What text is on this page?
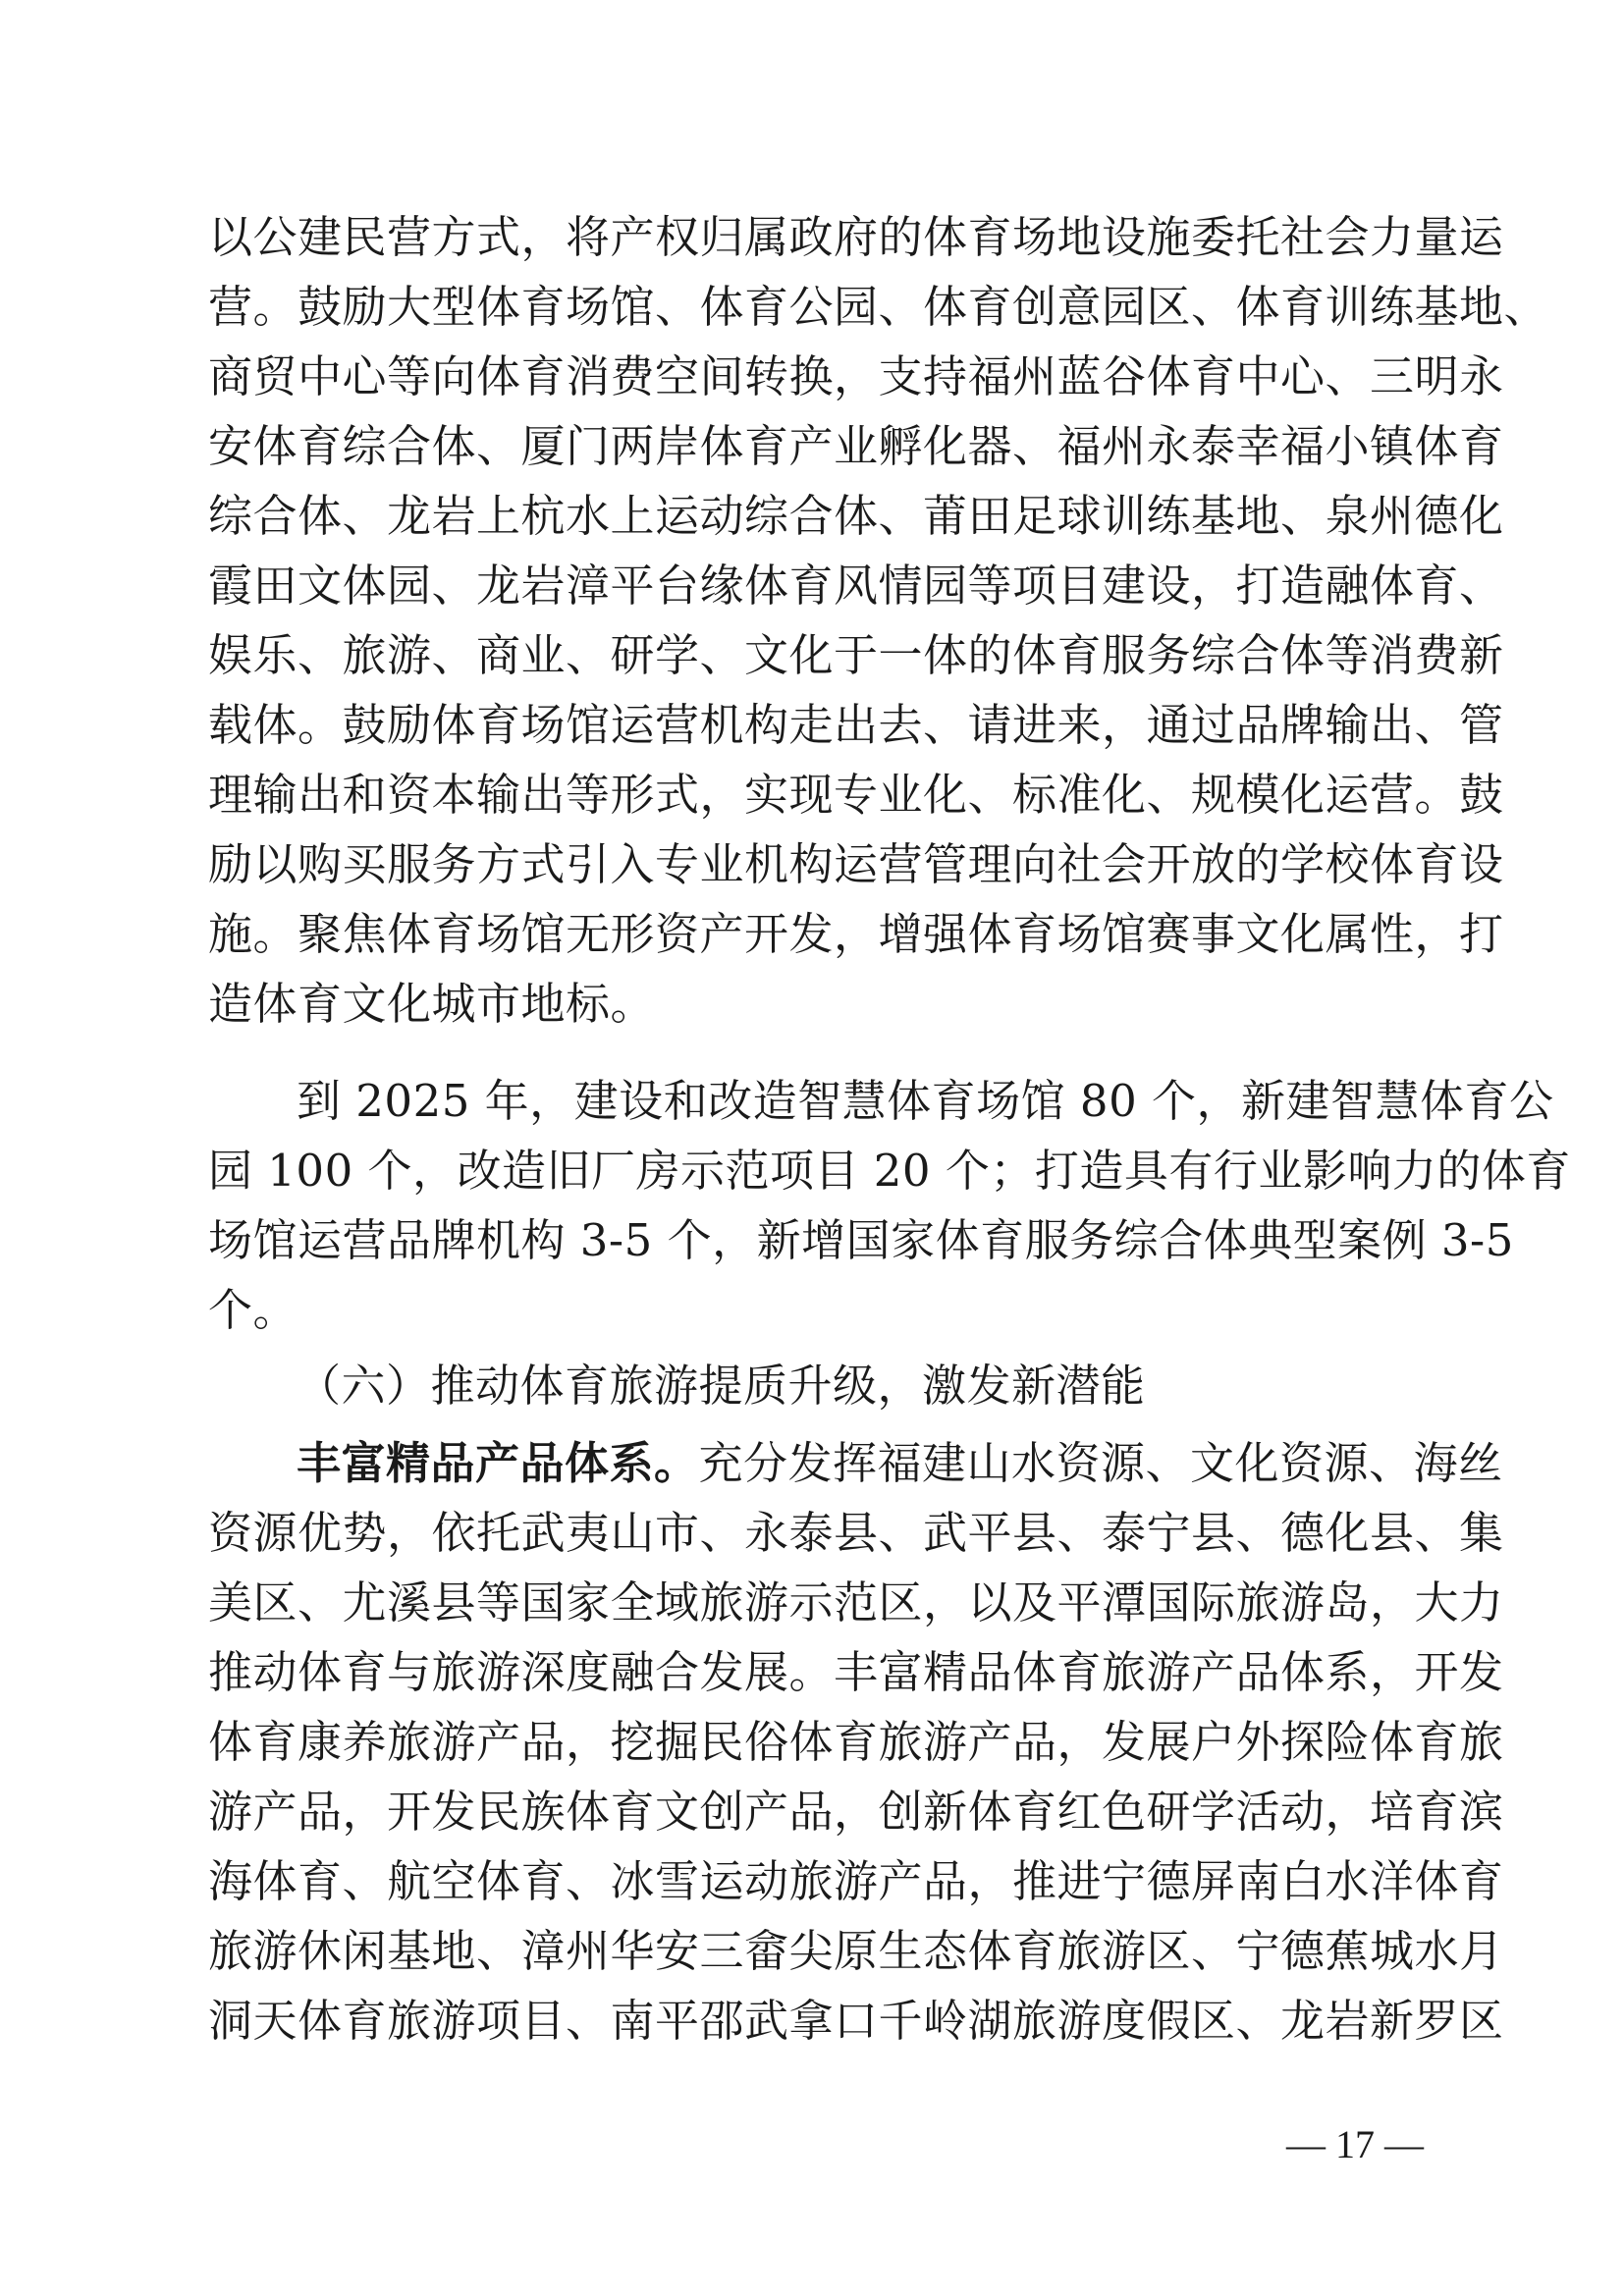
以公建民营方式，将产权归属政府的体育场地设施委托社会力量运
营。鼓励大型体育场馆、体育公园、体育创意园区、体育训练基地、
商贸中心等向体育消费空间转换，支持福州蓝谷体育中心、三明永
安体育综合体、厦门两岸体育产业孵化器、福州永泰幸福小镇体育
综合体、龙岩上杭水上运动综合体、莆田足球训练基地、泉州德化
霞田文体园、龙岩漳平台缘体育风情园等项目建设，打造融体育、
娱乐、旅游、商业、研学、文化于一体的体育服务综合体等消费新
载体。鼓励体育场馆运营机构走出去、请进来，通过品牌输出、管
理输出和资本输出等形式，实现专业化、标准化、规模化运营。鼓
励以购买服务方式引入专业机构运营管理向社会开放的学校体育设
施。聚焦体育场馆无形资产开发，增强体育场馆赛事文化属性，打
造体育文化城市地标。
到 2025 年，建设和改造智慧体育场馆 80 个，新建智慧体育公
园 100 个，改造旧厂房示范项目 20 个；打造具有行业影响力的体育
场馆运营品牌机构 3-5 个，新增国家体育服务综合体典型案例 3-5
个。
（六）推动体育旅游提质升级，激发新潜能
丰富精品产品体系。充分发挥福建山水资源、文化资源、海丝
资源优势，依托武夷山市、永泰县、武平县、泰宁县、德化县、集
美区、尤溪县等国家全域旅游示范区，以及平潭国际旅游岛，大力
推动体育与旅游深度融合发展。丰富精品体育旅游产品体系，开发
体育康养旅游产品，挖掘民俗体育旅游产品，发展户外探险体育旅
游产品，开发民族体育文创产品，创新体育红色研学活动，培育滨
海体育、航空体育、冰雪运动旅游产品，推进宁德屏南白水洋体育
旅游休闲基地、漳州华安三畲尖原生态体育旅游区、宁德蕉城水月
洞天体育旅游项目、南平邵武拿口千岭湖旅游度假区、龙岩新罗区
— 17 —
